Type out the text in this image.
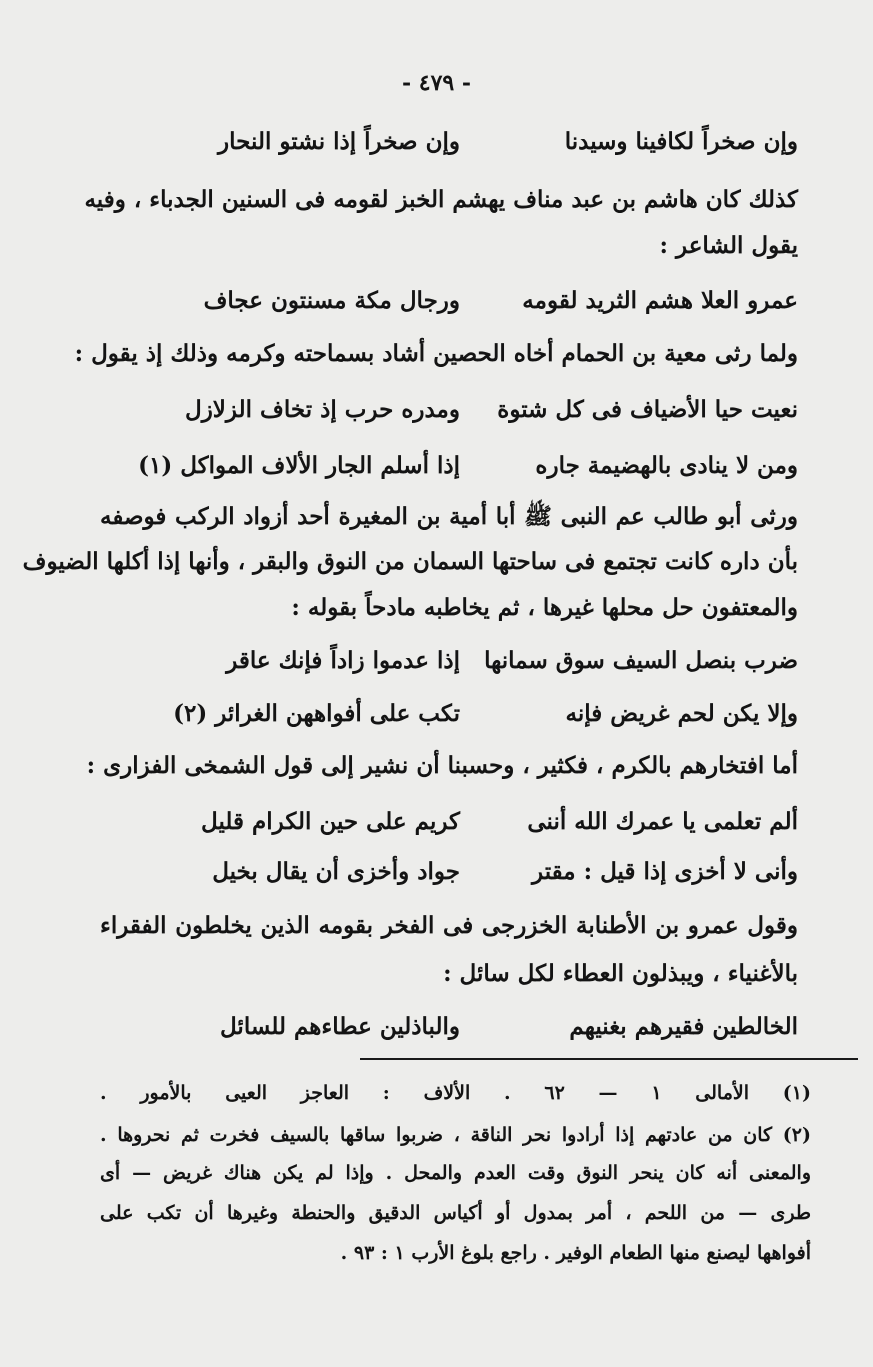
- ٤٧٩ -
وإن صخراً لكافينا وسيدنا
وإن صخراً إذا نشتو النحار
كذلك كان هاشم بن عبد مناف يهشم الخبز لقومه فى السنين الجدباء ، وفيه
يقول الشاعر :
عمرو العلا هشم الثريد لقومه
ورجال مكة مسنتون عجاف
ولما رثى معية بن الحمام أخاه الحصين أشاد بسماحته وكرمه وذلك إذ يقول :
نعيت حيا الأضياف فى كل شتوة
ومدره حرب إذ تخاف الزلازل
ومن لا ينادى بالهضيمة جاره
إذا أسلم الجار الألاف المواكل (١)
ورثى أبو طالب عم النبى ﷺ أبا أمية بن المغيرة أحد أزواد الركب فوصفه
بأن داره كانت تجتمع فى ساحتها السمان من النوق والبقر ، وأنها إذا أكلها الضيوف
والمعتفون حل محلها غيرها ، ثم يخاطبه مادحاً بقوله :
ضرب بنصل السيف سوق سمانها
إذا عدموا زاداً فإنك عاقر
وإلا يكن لحم غريض فإنه
تكب على أفواههن الغرائر (٢)
أما افتخارهم بالكرم ، فكثير ، وحسبنا أن نشير إلى قول الشمخى الفزارى :
ألم تعلمى يا عمرك الله أننى
كريم على حين الكرام قليل
وأنى لا أخزى إذا قيل : مقتر
جواد وأخزى أن يقال بخيل
وقول عمرو بن الأطنابة الخزرجى فى الفخر بقومه الذين يخلطون الفقراء
بالأغنياء ، ويبذلون العطاء لكل سائل :
الخالطين فقيرهم بغنيهم
والباذلين عطاءهم للسائل
(١) الأمالى ١ — ٦٢ . الألاف : العاجز العيى بالأمور .
(٢) كان من عادتهم إذا أرادوا نحر الناقة ، ضربوا ساقها بالسيف فخرت ثم نحروها .
والمعنى أنه كان ينحر النوق وقت العدم والمحل . وإذا لم يكن هناك غريض — أى
طرى — من اللحم ، أمر بمدول أو أكياس الدقيق والحنطة وغيرها أن تكب على
أفواهها ليصنع منها الطعام الوفير . راجع بلوغ الأرب ١ : ٩٣ .
